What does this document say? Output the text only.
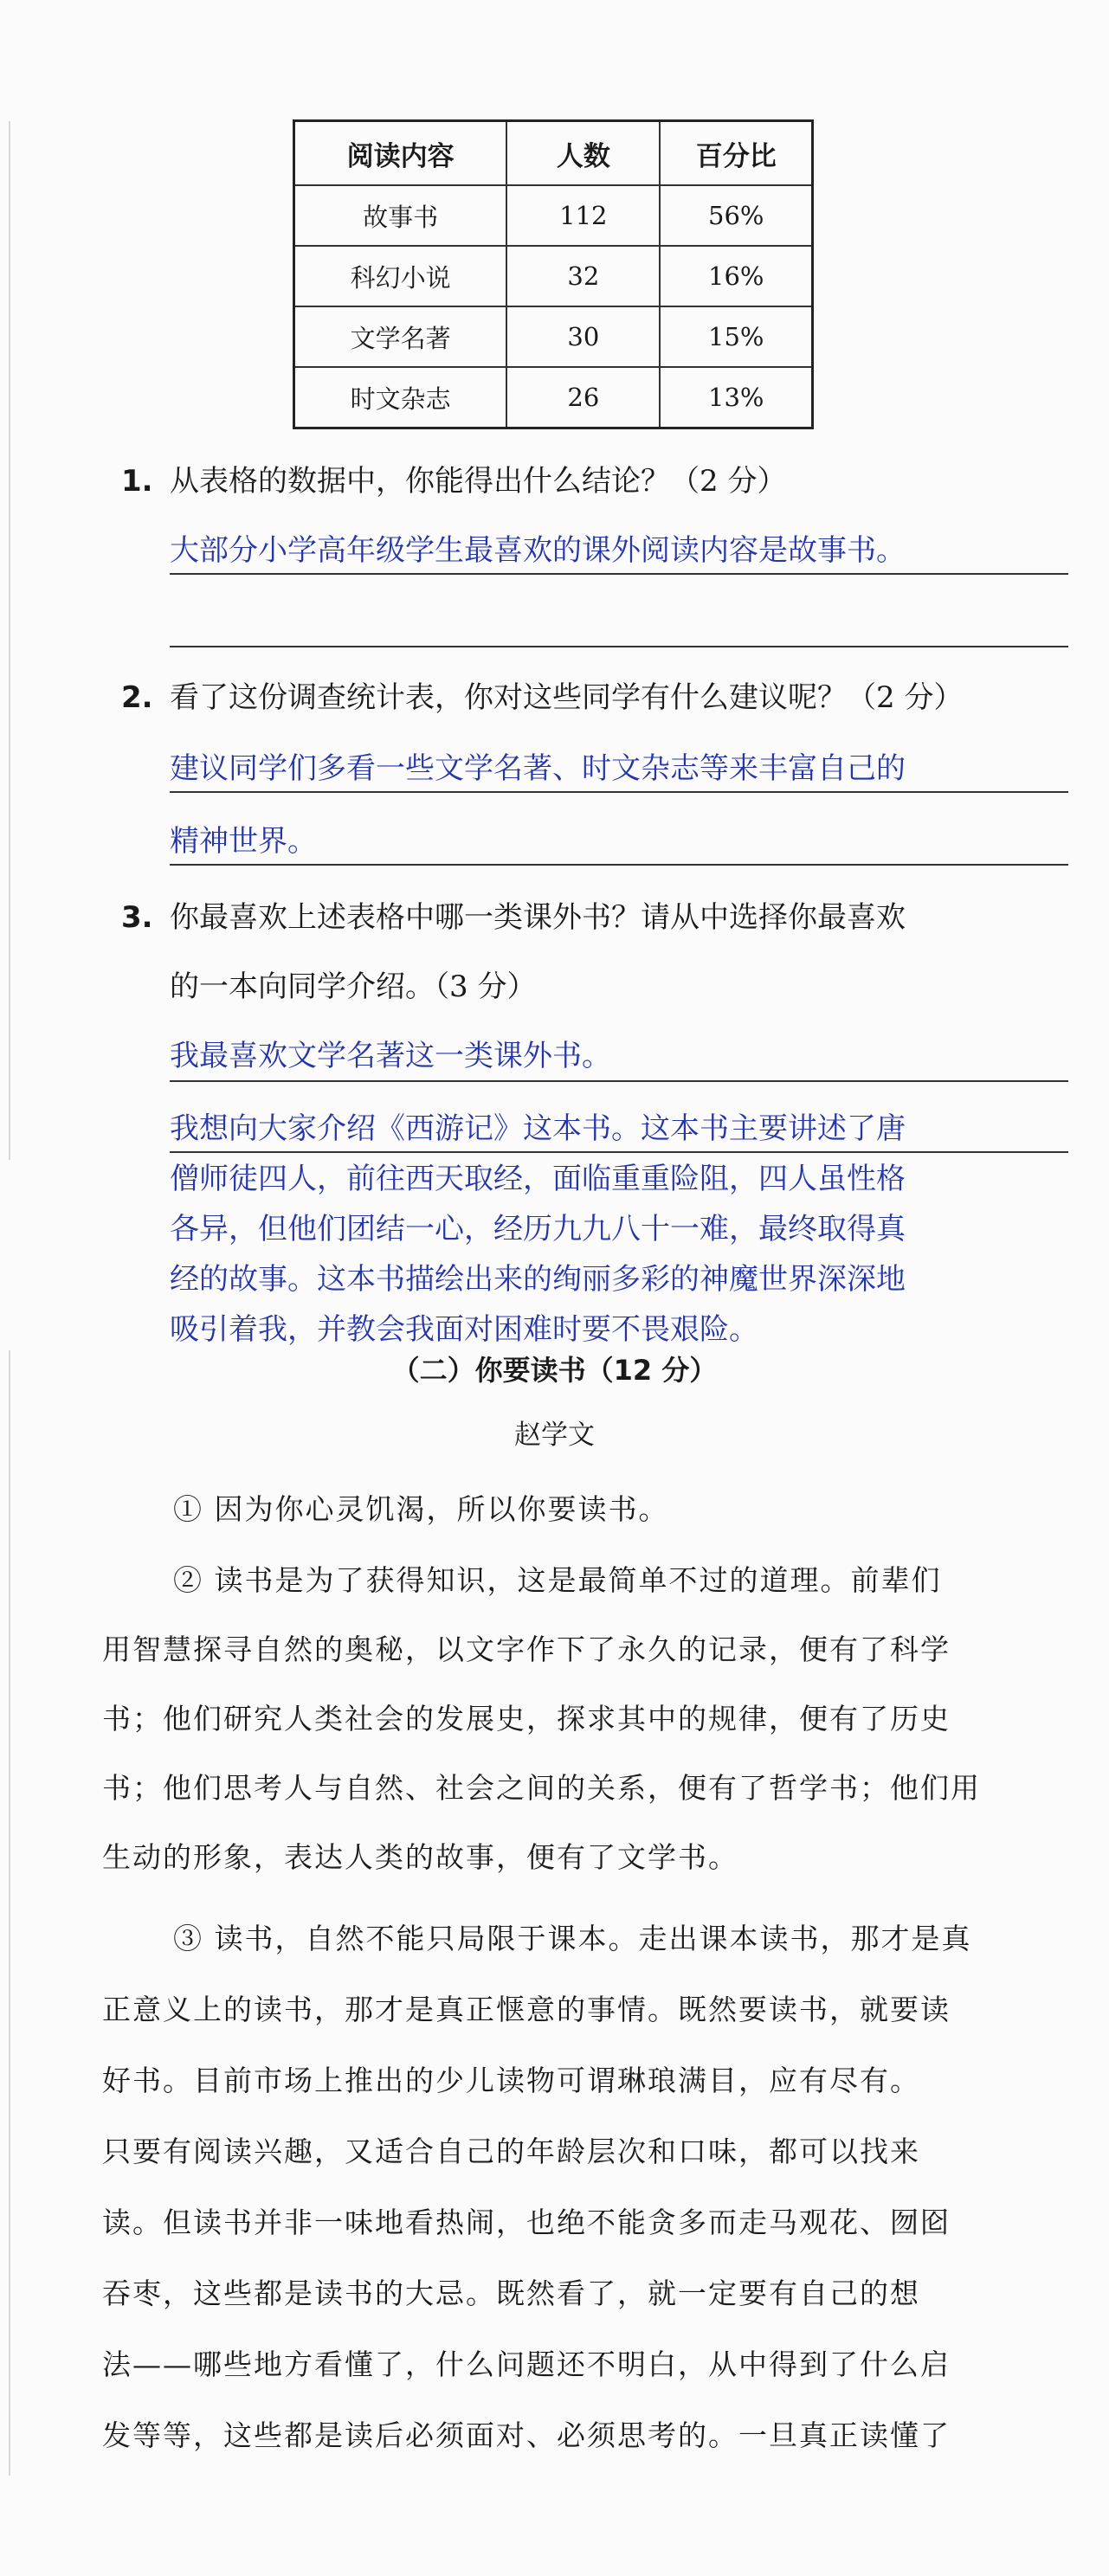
阅读内容	人数	百分比
故事书	112	56%
科幻小说	32	16%
文学名著	30	15%
时文杂志	26	13%
1. 从表格的数据中，你能得出什么结论？（2 分）
大部分小学高年级学生最喜欢的课外阅读内容是故事书。
2. 看了这份调查统计表，你对这些同学有什么建议呢？（2 分）
建议同学们多看一些文学名著、时文杂志等来丰富自己的
精神世界。
3. 你最喜欢上述表格中哪一类课外书？请从中选择你最喜欢
的一本向同学介绍。（3 分）
我最喜欢文学名著这一类课外书。
我想向大家介绍《西游记》这本书。这本书主要讲述了唐
僧师徒四人，前往西天取经，面临重重险阻，四人虽性格
各异，但他们团结一心，经历九九八十一难，最终取得真
经的故事。这本书描绘出来的绚丽多彩的神魔世界深深地
吸引着我，并教会我面对困难时要不畏艰险。
（二）你要读书（12 分）
赵学文
① 因为你心灵饥渴，所以你要读书。
② 读书是为了获得知识，这是最简单不过的道理。前辈们
用智慧探寻自然的奥秘，以文字作下了永久的记录，便有了科学
书；他们研究人类社会的发展史，探求其中的规律，便有了历史
书；他们思考人与自然、社会之间的关系，便有了哲学书；他们用
生动的形象，表达人类的故事，便有了文学书。
③ 读书，自然不能只局限于课本。走出课本读书，那才是真
正意义上的读书，那才是真正惬意的事情。既然要读书，就要读
好书。目前市场上推出的少儿读物可谓琳琅满目，应有尽有。
只要有阅读兴趣，又适合自己的年龄层次和口味，都可以找来
读。但读书并非一味地看热闹，也绝不能贪多而走马观花、囫囵
吞枣，这些都是读书的大忌。既然看了，就一定要有自己的想
法——哪些地方看懂了，什么问题还不明白，从中得到了什么启
发等等，这些都是读后必须面对、必须思考的。一旦真正读懂了
